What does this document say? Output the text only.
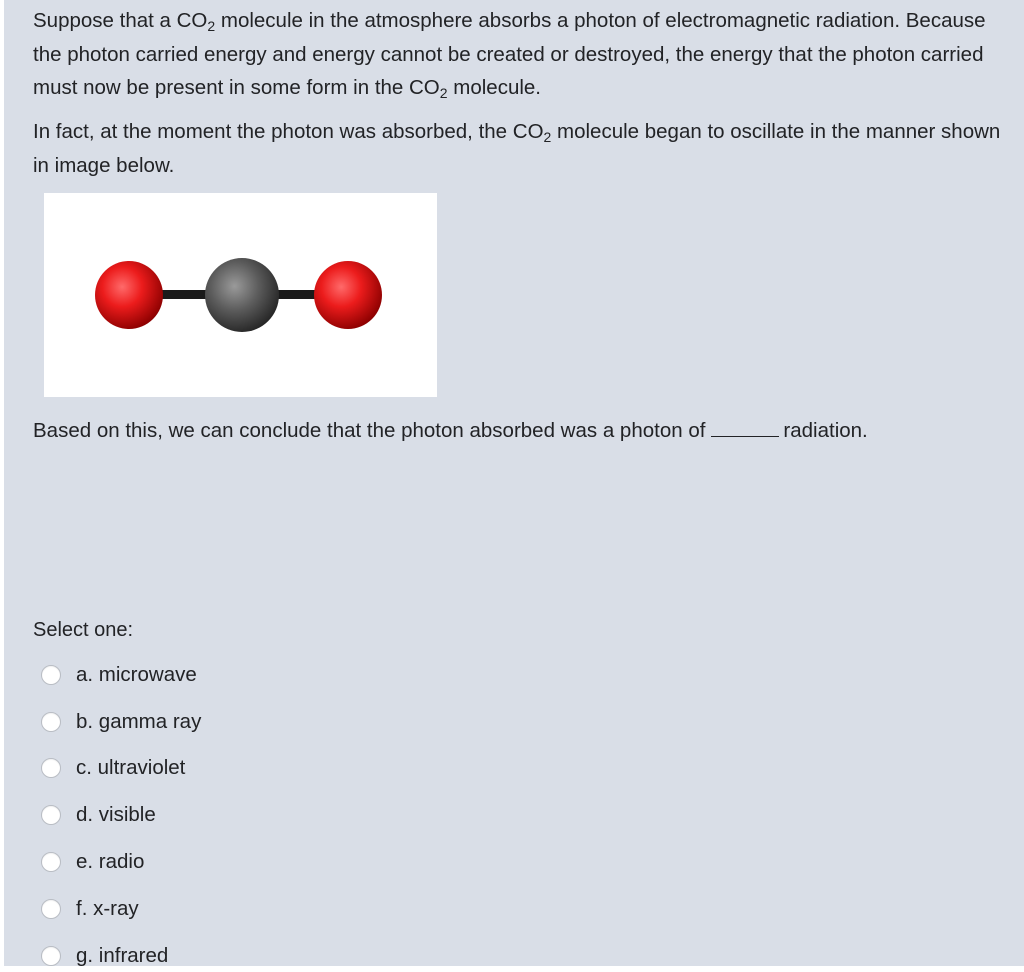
Suppose that a $CO_2$ molecule in the atmosphere absorbs a photon of electromagnetic radiation. Because the photon carried energy and energy cannot be created or destroyed, the energy that the photon carried must now be present in some form in the $CO_2$ molecule.

In fact, at the moment the photon was absorbed, the $CO_2$ molecule began to oscillate in the manner shown in image below.

Based on this, we can conclude that the photon absorbed was a photon of	radiation.

Select one:
a. microwave
b. gamma ray
c. ultraviolet
d. visible
e. radio
f. x-ray
g. infrared
